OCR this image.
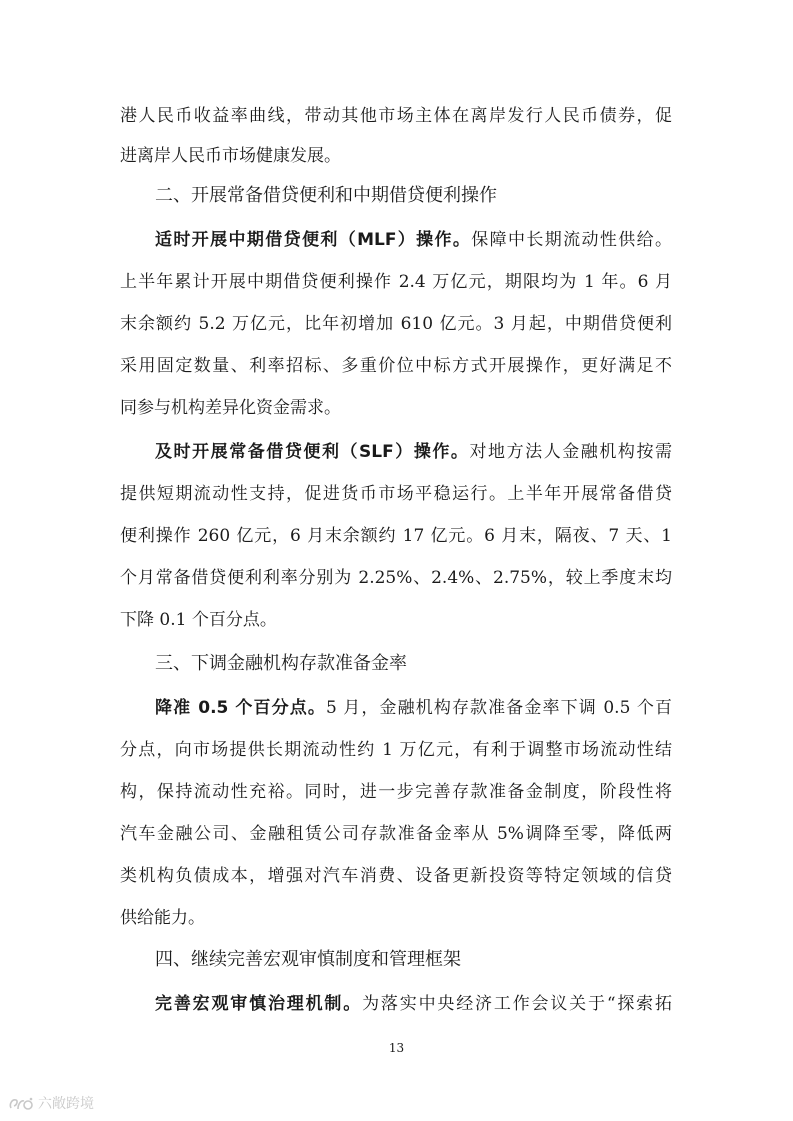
港人民币收益率曲线，带动其他市场主体在离岸发行人民币债券，促
进离岸人民币市场健康发展。
二、开展常备借贷便利和中期借贷便利操作
适时开展中期借贷便利（MLF）操作。保障中长期流动性供给。
上半年累计开展中期借贷便利操作 2.4 万亿元，期限均为 1 年。6 月
末余额约 5.2 万亿元，比年初增加 610 亿元。3 月起，中期借贷便利
采用固定数量、利率招标、多重价位中标方式开展操作，更好满足不
同参与机构差异化资金需求。
及时开展常备借贷便利（SLF）操作。对地方法人金融机构按需
提供短期流动性支持，促进货币市场平稳运行。上半年开展常备借贷
便利操作 260 亿元，6 月末余额约 17 亿元。6 月末，隔夜、7 天、1
个月常备借贷便利利率分别为 2.25%、2.4%、2.75%，较上季度末均
下降 0.1 个百分点。
三、下调金融机构存款准备金率
降准 0.5 个百分点。5 月，金融机构存款准备金率下调 0.5 个百
分点，向市场提供长期流动性约 1 万亿元，有利于调整市场流动性结
构，保持流动性充裕。同时，进一步完善存款准备金制度，阶段性将
汽车金融公司、金融租赁公司存款准备金率从 5%调降至零，降低两
类机构负债成本，增强对汽车消费、设备更新投资等特定领域的信贷
供给能力。
四、继续完善宏观审慎制度和管理框架
完善宏观审慎治理机制。为落实中央经济工作会议关于“探索拓
13
六敞跨境
